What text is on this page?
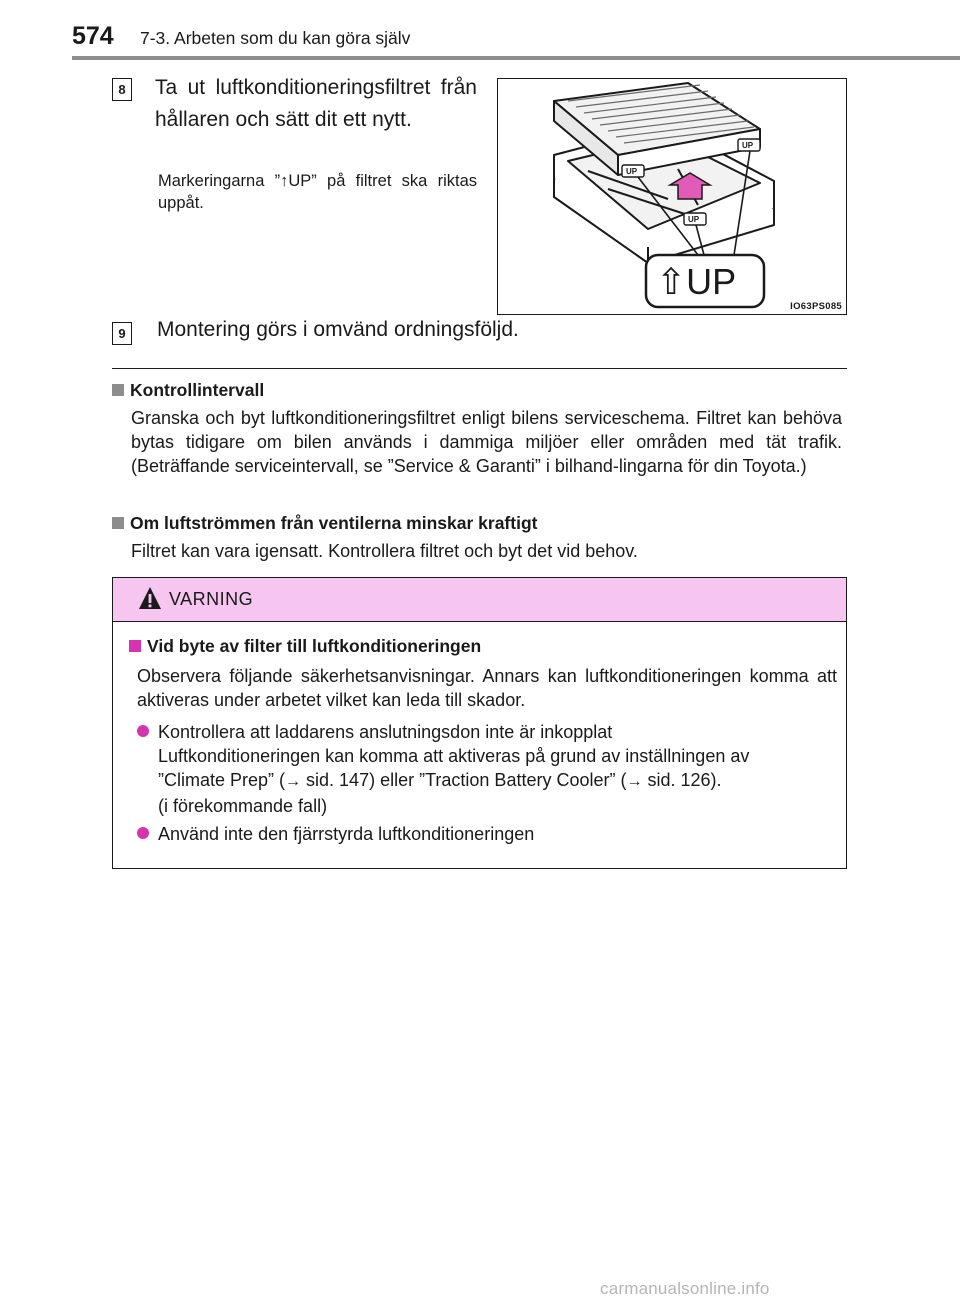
574 7-3. Arbeten som du kan göra själv
8	Ta ut luftkonditioneringsfiltret från hållaren och sätt dit ett nytt.
Markeringarna ”↑UP” på filtret ska riktas uppåt.
UP
UP
UP
⇧UP
IO63PS085
9	Montering görs i omvänd ordningsföljd.
Kontrollintervall
Granska och byt luftkonditioneringsfiltret enligt bilens serviceschema. Filtret kan behöva bytas tidigare om bilen används i dammiga miljöer eller områden med tät trafik. (Beträffande serviceintervall, se ”Service & Garanti” i bilhand-lingarna för din Toyota.)
Om luftströmmen från ventilerna minskar kraftigt
Filtret kan vara igensatt. Kontrollera filtret och byt det vid behov.
VARNING
Vid byte av filter till luftkonditioneringen
Observera följande säkerhetsanvisningar. Annars kan luftkonditioneringen komma att aktiveras under arbetet vilket kan leda till skador.
Kontrollera att laddarens anslutningsdon inte är inkopplat
Luftkonditioneringen kan komma att aktiveras på grund av inställningen av
”Climate Prep” (→ sid. 147) eller ”Traction Battery Cooler” (→ sid. 126).
(i förekommande fall)
Använd inte den fjärrstyrda luftkonditioneringen
carmanualsonline.info
